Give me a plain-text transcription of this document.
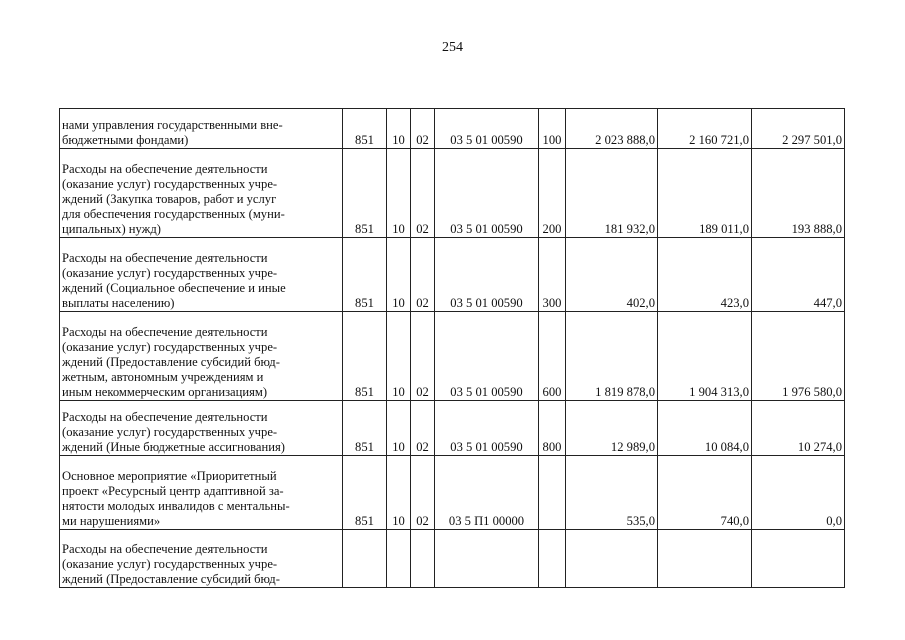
254
нами управления государственными вне-
бюджетными фондами)	851	10	02	03 5 01 00590	100	2 023 888,0	2 160 721,0	2 297 501,0

Расходы на обеспечение деятельности
(оказание услуг) государственных учре-
ждений (Закупка товаров, работ и услуг
для обеспечения государственных (муни-
ципальных) нужд)	851	10	02	03 5 01 00590	200	181 932,0	189 011,0	193 888,0

Расходы на обеспечение деятельности
(оказание услуг) государственных учре-
ждений (Социальное обеспечение и иные
выплаты населению)	851	10	02	03 5 01 00590	300	402,0	423,0	447,0

Расходы на обеспечение деятельности
(оказание услуг) государственных учре-
ждений (Предоставление субсидий бюд-
жетным, автономным учреждениям и
иным некоммерческим организациям)	851	10	02	03 5 01 00590	600	1 819 878,0	1 904 313,0	1 976 580,0

Расходы на обеспечение деятельности
(оказание услуг) государственных учре-
ждений (Иные бюджетные ассигнования)	851	10	02	03 5 01 00590	800	12 989,0	10 084,0	10 274,0

Основное мероприятие «Приоритетный
проект «Ресурсный центр адаптивной за-
нятости молодых инвалидов с ментальны-
ми нарушениями»	851	10	02	03 5 П1 00000		535,0	740,0	0,0

Расходы на обеспечение деятельности
(оказание услуг) государственных учре-
ждений (Предоставление субсидий бюд-								
